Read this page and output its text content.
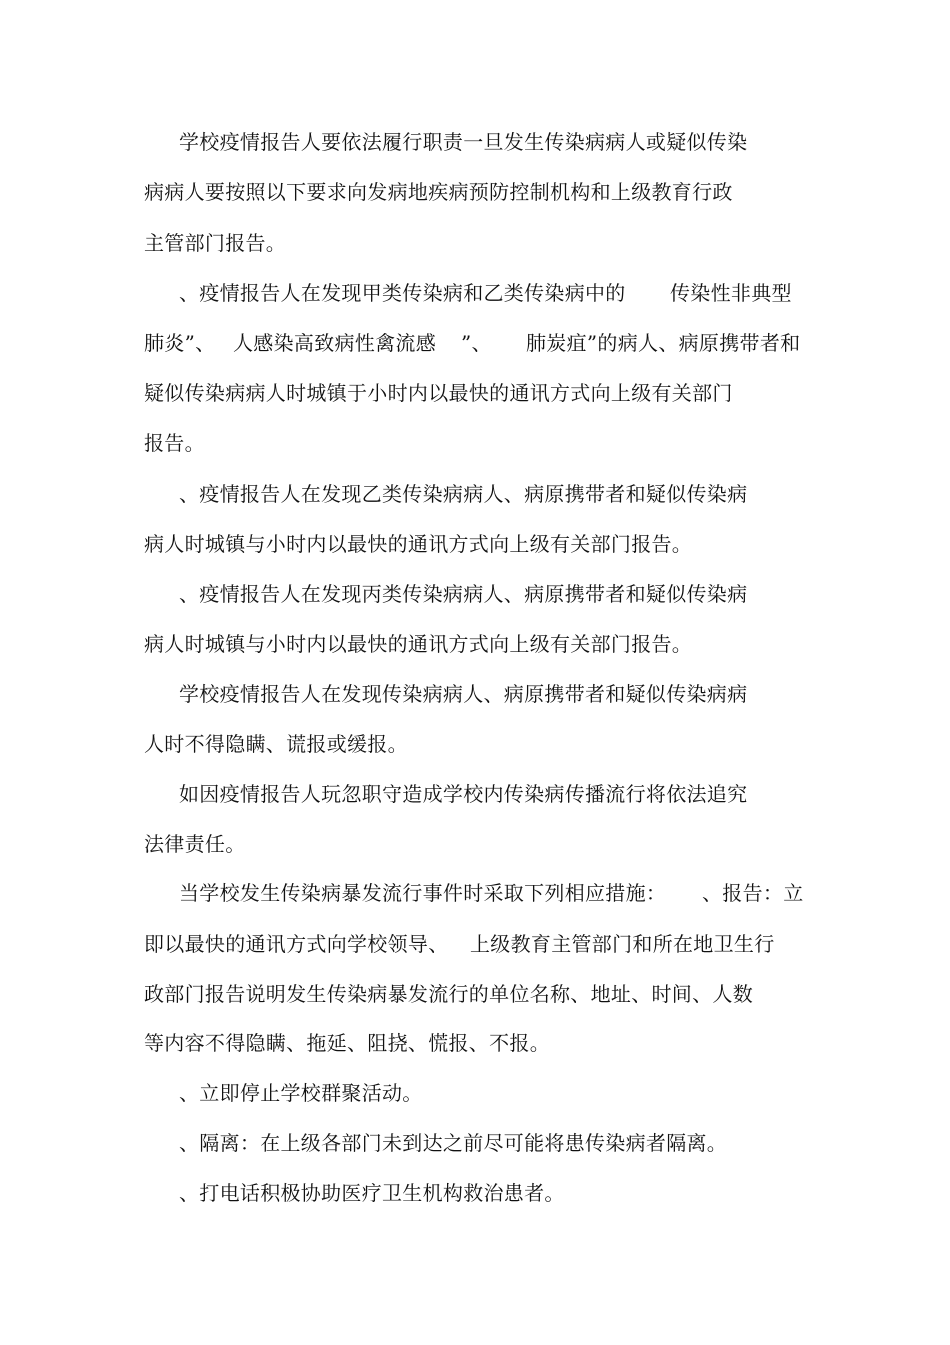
学校疫情报告人要依法履行职责一旦发生传染病病人或疑似传染
病病人要按照以下要求向发病地疾病预防控制机构和上级教育行政
主管部门报告。
、疫情报告人在发现甲类传染病和乙类传染病中的 传染性非典型
肺炎”、 人感染高致病性禽流感 ”、 肺炭疽”的病人、病原携带者和
疑似传染病病人时城镇于小时内以最快的通讯方式向上级有关部门
报告。
、疫情报告人在发现乙类传染病病人、病原携带者和疑似传染病
病人时城镇与小时内以最快的通讯方式向上级有关部门报告。
、疫情报告人在发现丙类传染病病人、病原携带者和疑似传染病
病人时城镇与小时内以最快的通讯方式向上级有关部门报告。
学校疫情报告人在发现传染病病人、病原携带者和疑似传染病病
人时不得隐瞒、谎报或缓报。
如因疫情报告人玩忽职守造成学校内传染病传播流行将依法追究
法律责任。
当学校发生传染病暴发流行事件时采取下列相应措施： 、报告：立
即以最快的通讯方式向学校领导、 上级教育主管部门和所在地卫生行
政部门报告说明发生传染病暴发流行的单位名称、地址、时间、人数
等内容不得隐瞒、拖延、阻挠、慌报、不报。
、立即停止学校群聚活动。
、隔离：在上级各部门未到达之前尽可能将患传染病者隔离。
、打电话积极协助医疗卫生机构救治患者。
